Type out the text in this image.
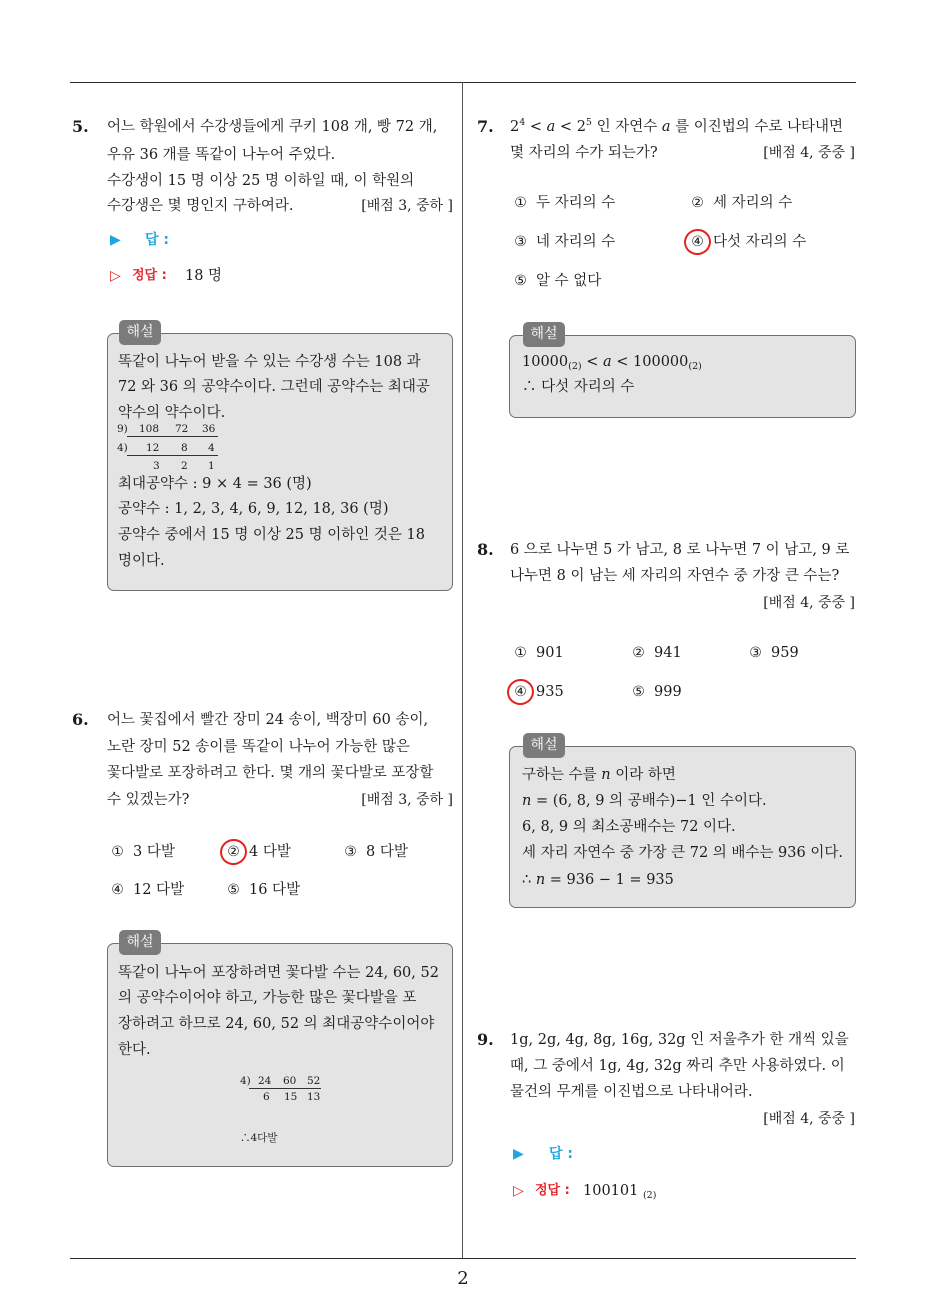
5. 어느 학원에서 수강생들에게 쿠키 108 개, 빵 72 개,
우유 36 개를 똑같이 나누어 주었다.
수강생이 15 명 이상 25 명 이하일 때, 이 학원의
수강생은 몇 명인지 구하여라.	[배점 3, 중하 ]
▶
답 :
▷
정답 : 18 명
해설
똑같이 나누어 받을 수 있는 수강생 수는 108 과
72 와 36 의 공약수이다. 그런데 공약수는 최대공
약수의 약수이다.
9) 108 72 36
4) 12 8 4
3 2 1
최대공약수 : 9 × 4 = 36 (명)
공약수 : 1, 2, 3, 4, 6, 9, 12, 18, 36 (명)
공약수 중에서 15 명 이상 25 명 이하인 것은 18
명이다.
6. 어느 꽃집에서 빨간 장미 24 송이, 백장미 60 송이,
노란 장미 52 송이를 똑같이 나누어 가능한 많은
꽃다발로 포장하려고 한다. 몇 개의 꽃다발로 포장할
수 있겠는가?	[배점 3, 중하 ]
① 3 다발	② 4 다발	③ 8 다발
④ 12 다발	⑤ 16 다발
해설
똑같이 나누어 포장하려면 꽃다발 수는 24, 60, 52
의 공약수이어야 하고, 가능한 많은 꽃다발을 포
장하려고 하므로 24, 60, 52 의 최대공약수이어야
한다.
4) 24 60 52
6 15 13
∴4다발
7. $2^4 < a < 2^5$ 인 자연수 a 를 이진법의 수로 나타내면
몇 자리의 수가 되는가?	[배점 4, 중중 ]
① 두 자리의 수	② 세 자리의 수
③ 네 자리의 수	④ 다섯 자리의 수
⑤ 알 수 없다
해설
$10000_{(2)} < a < 100000_{(2)}$
∴ 다섯 자리의 수
8. 6 으로 나누면 5 가 남고, 8 로 나누면 7 이 남고, 9 로
나누면 8 이 남는 세 자리의 자연수 중 가장 큰 수는?
[배점 4, 중중 ]
① 901	② 941	③ 959
④ 935	⑤ 999
해설
구하는 수를 n 이라 하면
n = (6, 8, 9 의 공배수)−1 인 수이다.
6, 8, 9 의 최소공배수는 72 이다.
세 자리 자연수 중 가장 큰 72 의 배수는 936 이다.
∴ n = 936 − 1 = 935
9. 1g, 2g, 4g, 8g, 16g, 32g 인 저울추가 한 개씩 있을
때, 그 중에서 1g, 4g, 32g 짜리 추만 사용하였다. 이
물건의 무게를 이진법으로 나타내어라.
[배점 4, 중중 ]
▶
답 :
▷
정답 : 100101 $_{(2)}$
2
